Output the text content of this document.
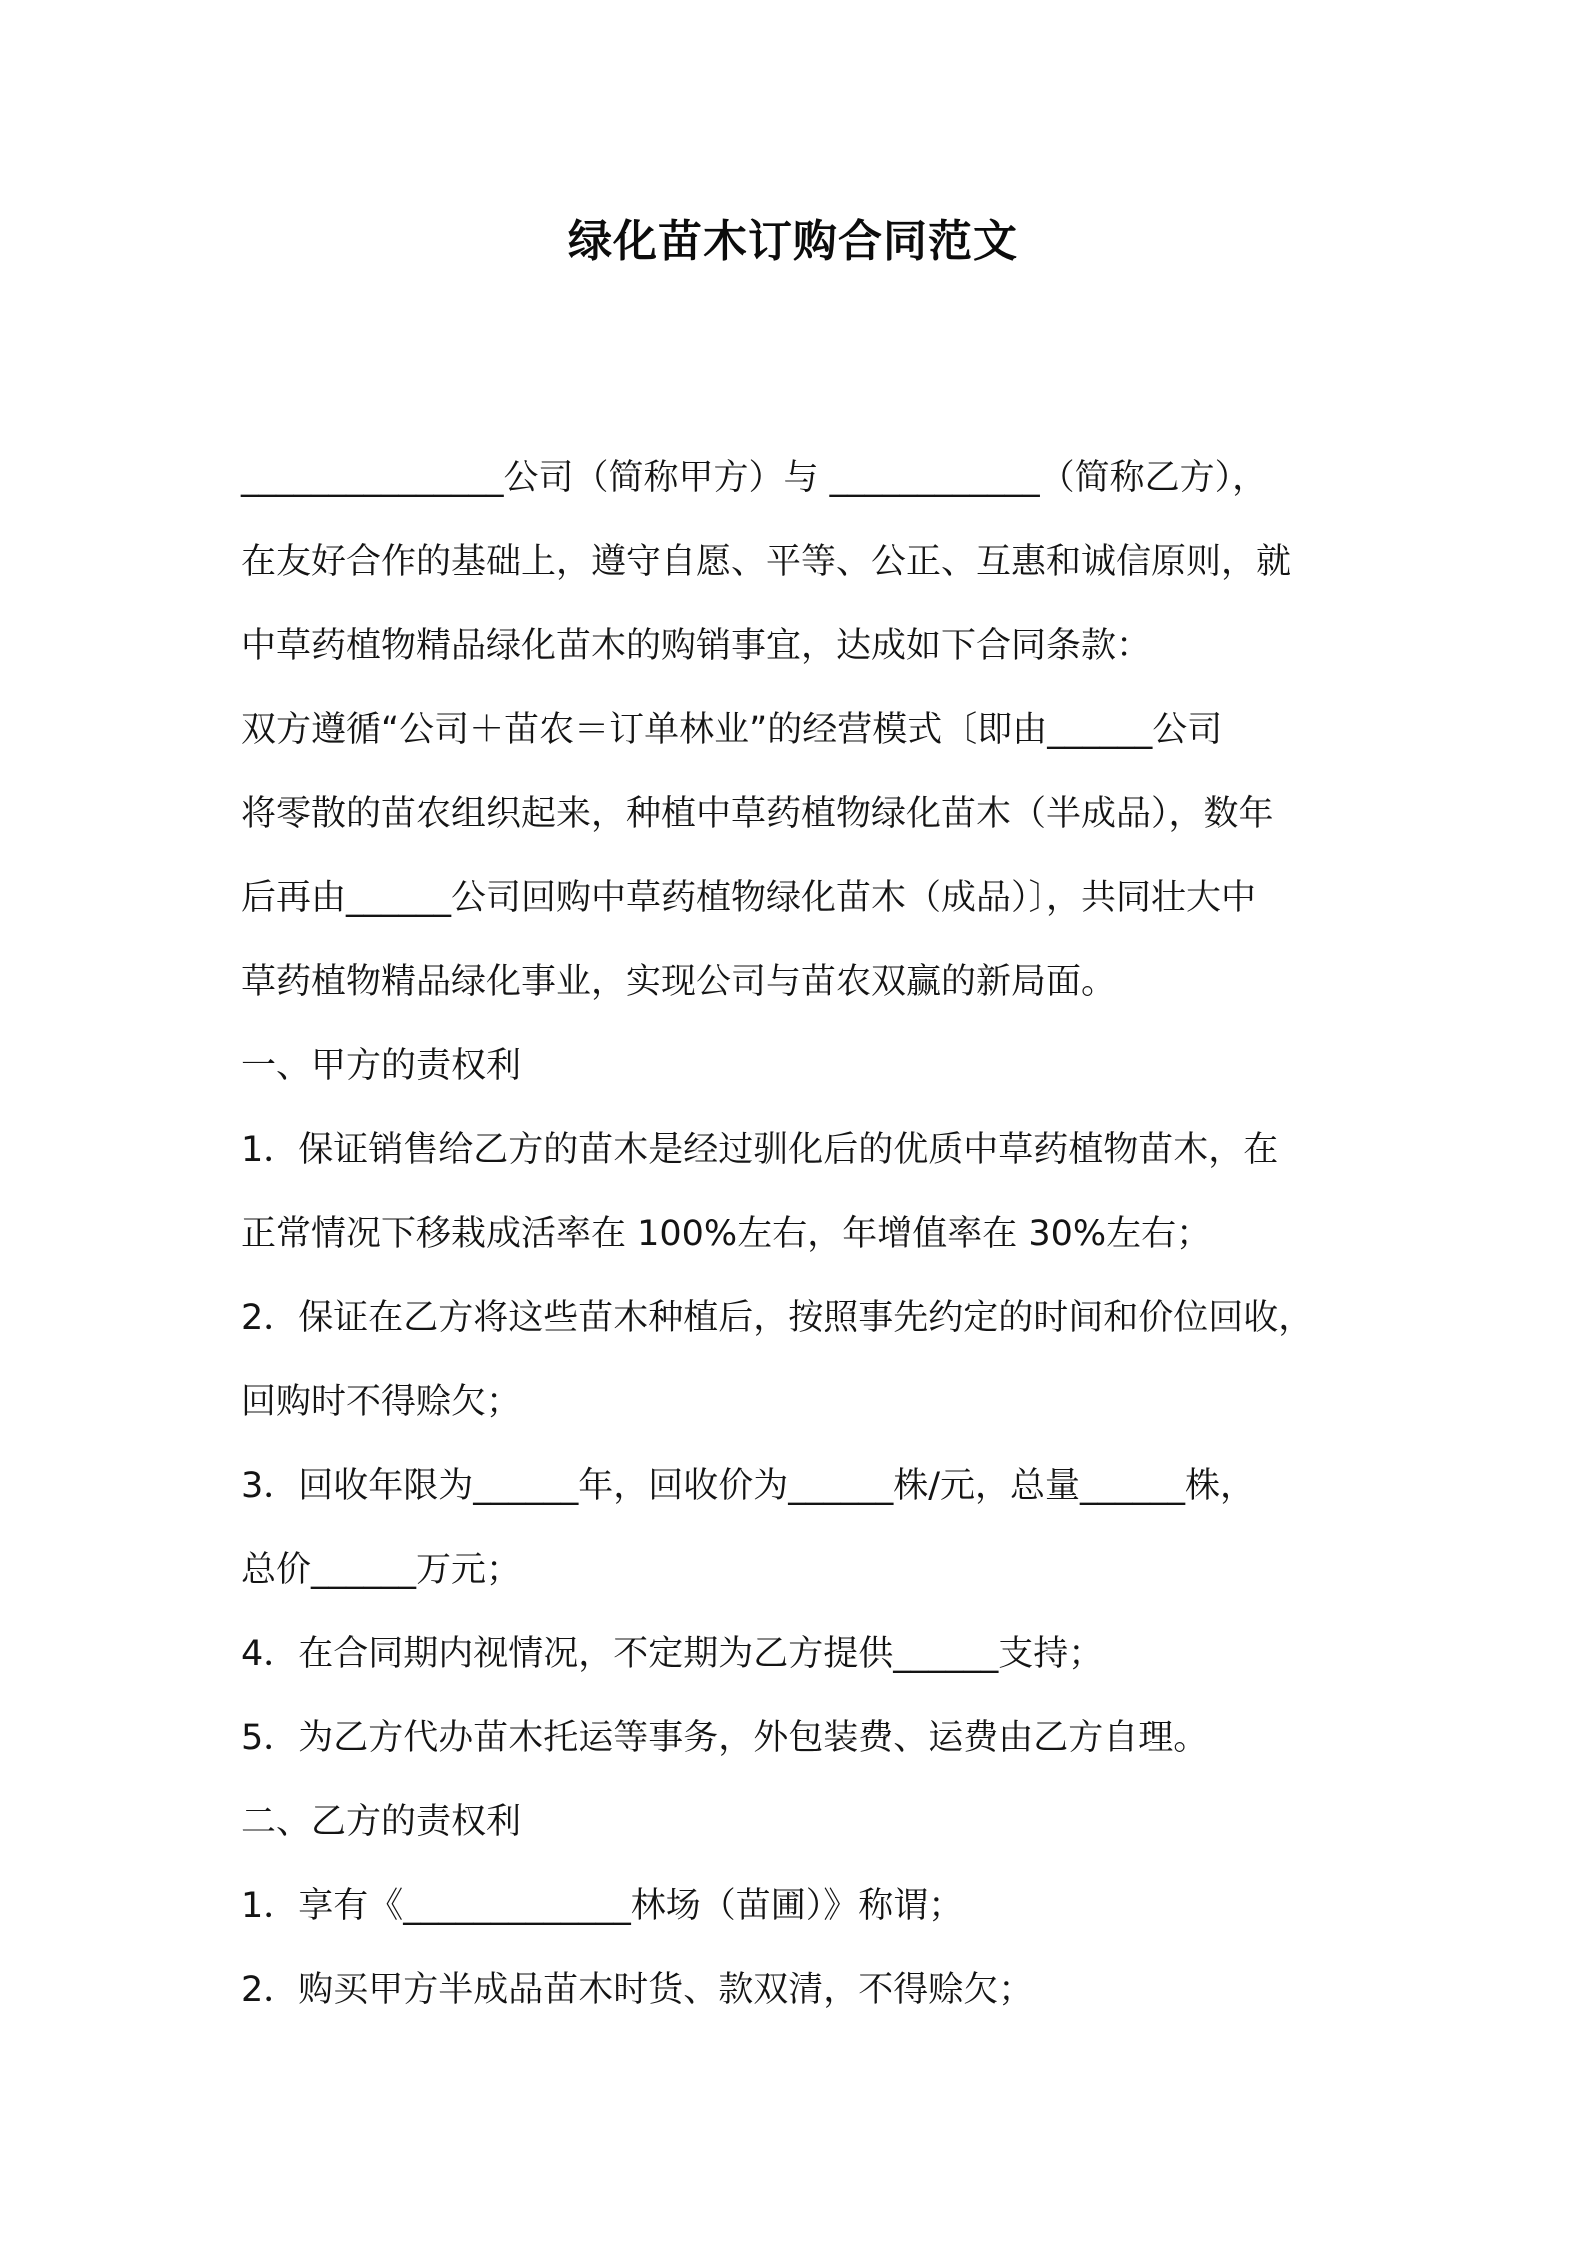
绿化苗木订购合同范文
_______________公司（简称甲方）与 ____________（简称乙方），
在友好合作的基础上，遵守自愿、平等、公正、互惠和诚信原则，就
中草药植物精品绿化苗木的购销事宜，达成如下合同条款：
双方遵循“公司＋苗农＝订单林业”的经营模式〔即由______公司
将零散的苗农组织起来，种植中草药植物绿化苗木（半成品），数年
后再由______公司回购中草药植物绿化苗木（成品）〕，共同壮大中
草药植物精品绿化事业，实现公司与苗农双赢的新局面。
一、甲方的责权利
1．保证销售给乙方的苗木是经过驯化后的优质中草药植物苗木，在
正常情况下移栽成活率在 100%左右，年增值率在 30%左右；
2．保证在乙方将这些苗木种植后，按照事先约定的时间和价位回收，
回购时不得赊欠；
3．回收年限为______年，回收价为______株/元，总量______株，
总价______万元；
4．在合同期内视情况，不定期为乙方提供______支持；
5．为乙方代办苗木托运等事务，外包装费、运费由乙方自理。
二、乙方的责权利
1．享有《_____________林场（苗圃）》称谓；
2．购买甲方半成品苗木时货、款双清，不得赊欠；
